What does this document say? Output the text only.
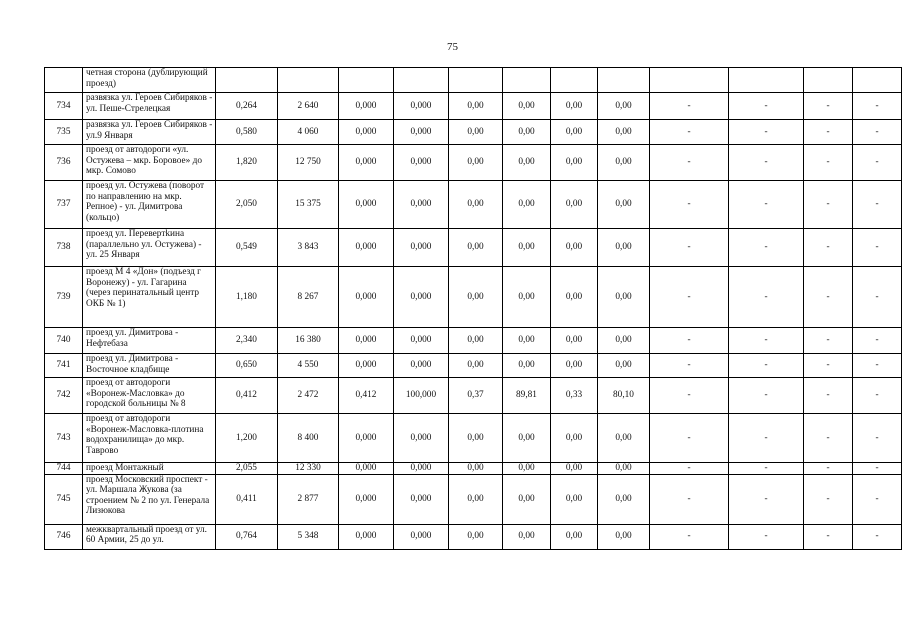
75
	четная сторона (дублирующий проезд)												
734	развязка ул. Героев Сибиряков - ул. Пеше-Стрелецкая	0,264	2 640	0,000	0,000	0,00	0,00	0,00	0,00	-	-	-	-
735	развязка ул. Героев Сибиряков - ул.9 Января	0,580	4 060	0,000	0,000	0,00	0,00	0,00	0,00	-	-	-	-
736	проезд от автодороги «ул. Остужева – мкр. Боровое» до мкр. Сомово	1,820	12 750	0,000	0,000	0,00	0,00	0,00	0,00	-	-	-	-
737	проезд ул. Остужева (поворот по направлению на мкр. Репное) - ул. Димитрова (кольцо)	2,050	15 375	0,000	0,000	0,00	0,00	0,00	0,00	-	-	-	-
738	проезд ул. Перевертkина (параллельно ул. Остужева) - ул. 25 Января	0,549	3 843	0,000	0,000	0,00	0,00	0,00	0,00	-	-	-	-
739	проезд М 4 «Дон» (подъезд г Воронежу) - ул. Гагарина (через перинатальный центр ОКБ № 1)	1,180	8 267	0,000	0,000	0,00	0,00	0,00	0,00	-	-	-	-
740	проезд ул. Димитрова - Нефтебаза	2,340	16 380	0,000	0,000	0,00	0,00	0,00	0,00	-	-	-	-
741	проезд ул. Димитрова - Восточное кладбище	0,650	4 550	0,000	0,000	0,00	0,00	0,00	0,00	-	-	-	-
742	проезд от автодороги «Воронеж-Масловка» до городской больницы № 8	0,412	2 472	0,412	100,000	0,37	89,81	0,33	80,10	-	-	-	-
743	проезд от автодороги «Воронеж-Масловка-плотина водохранилища» до мкр. Таврово	1,200	8 400	0,000	0,000	0,00	0,00	0,00	0,00	-	-	-	-
744	проезд Монтажный	2,055	12 330	0,000	0,000	0,00	0,00	0,00	0,00	-	-	-	-
745	проезд Московский проспект - ул. Маршала Жукова (за строением № 2 по ул. Генерала Лизюкова	0,411	2 877	0,000	0,000	0,00	0,00	0,00	0,00	-	-	-	-
746	межквартальный проезд от ул. 60 Армии, 25 до ул.	0,764	5 348	0,000	0,000	0,00	0,00	0,00	0,00	-	-	-	-
